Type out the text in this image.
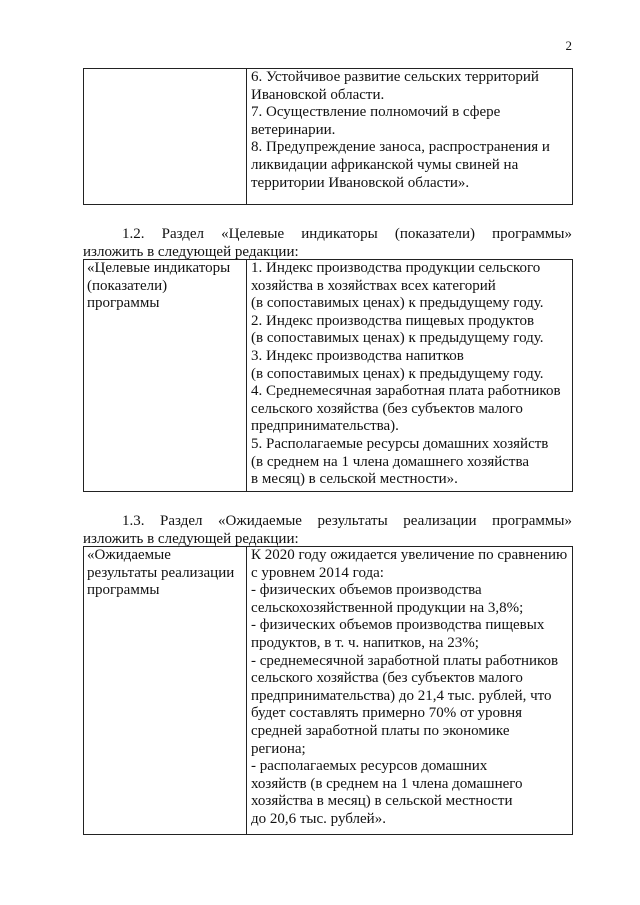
2
6. Устойчивое развитие сельских территорий
Ивановской области.
7. Осуществление полномочий в сфере
ветеринарии.
8. Предупреждение заноса, распространения и
ликвидации африканской чумы свиней на
территории Ивановской области».
1.2. Раздел «Целевые индикаторы (показатели) программы»
изложить в следующей редакции:
«Целевые индикаторы
(показатели)
программы
1. Индекс производства продукции сельского
хозяйства в хозяйствах всех категорий
(в сопоставимых ценах) к предыдущему году.
2. Индекс производства пищевых продуктов
(в сопоставимых ценах) к предыдущему году.
3. Индекс производства напитков
(в сопоставимых ценах) к предыдущему году.
4. Среднемесячная заработная плата работников
сельского хозяйства (без субъектов малого
предпринимательства).
5. Располагаемые ресурсы домашних хозяйств
(в среднем на 1 члена домашнего хозяйства
в месяц) в сельской местности».
1.3. Раздел «Ожидаемые результаты реализации программы»
изложить в следующей редакции:
«Ожидаемые
результаты реализации
программы
К 2020 году ожидается увеличение по сравнению
с уровнем 2014 года:
- физических объемов производства
сельскохозяйственной продукции на 3,8%;
- физических объемов производства пищевых
продуктов, в т. ч. напитков, на 23%;
- среднемесячной заработной платы работников
сельского хозяйства (без субъектов малого
предпринимательства) до 21,4 тыс. рублей, что
будет составлять примерно 70% от уровня
средней заработной платы по экономике
региона;
- располагаемых ресурсов домашних
хозяйств (в среднем на 1 члена домашнего
хозяйства в месяц) в сельской местности
до 20,6 тыс. рублей».
